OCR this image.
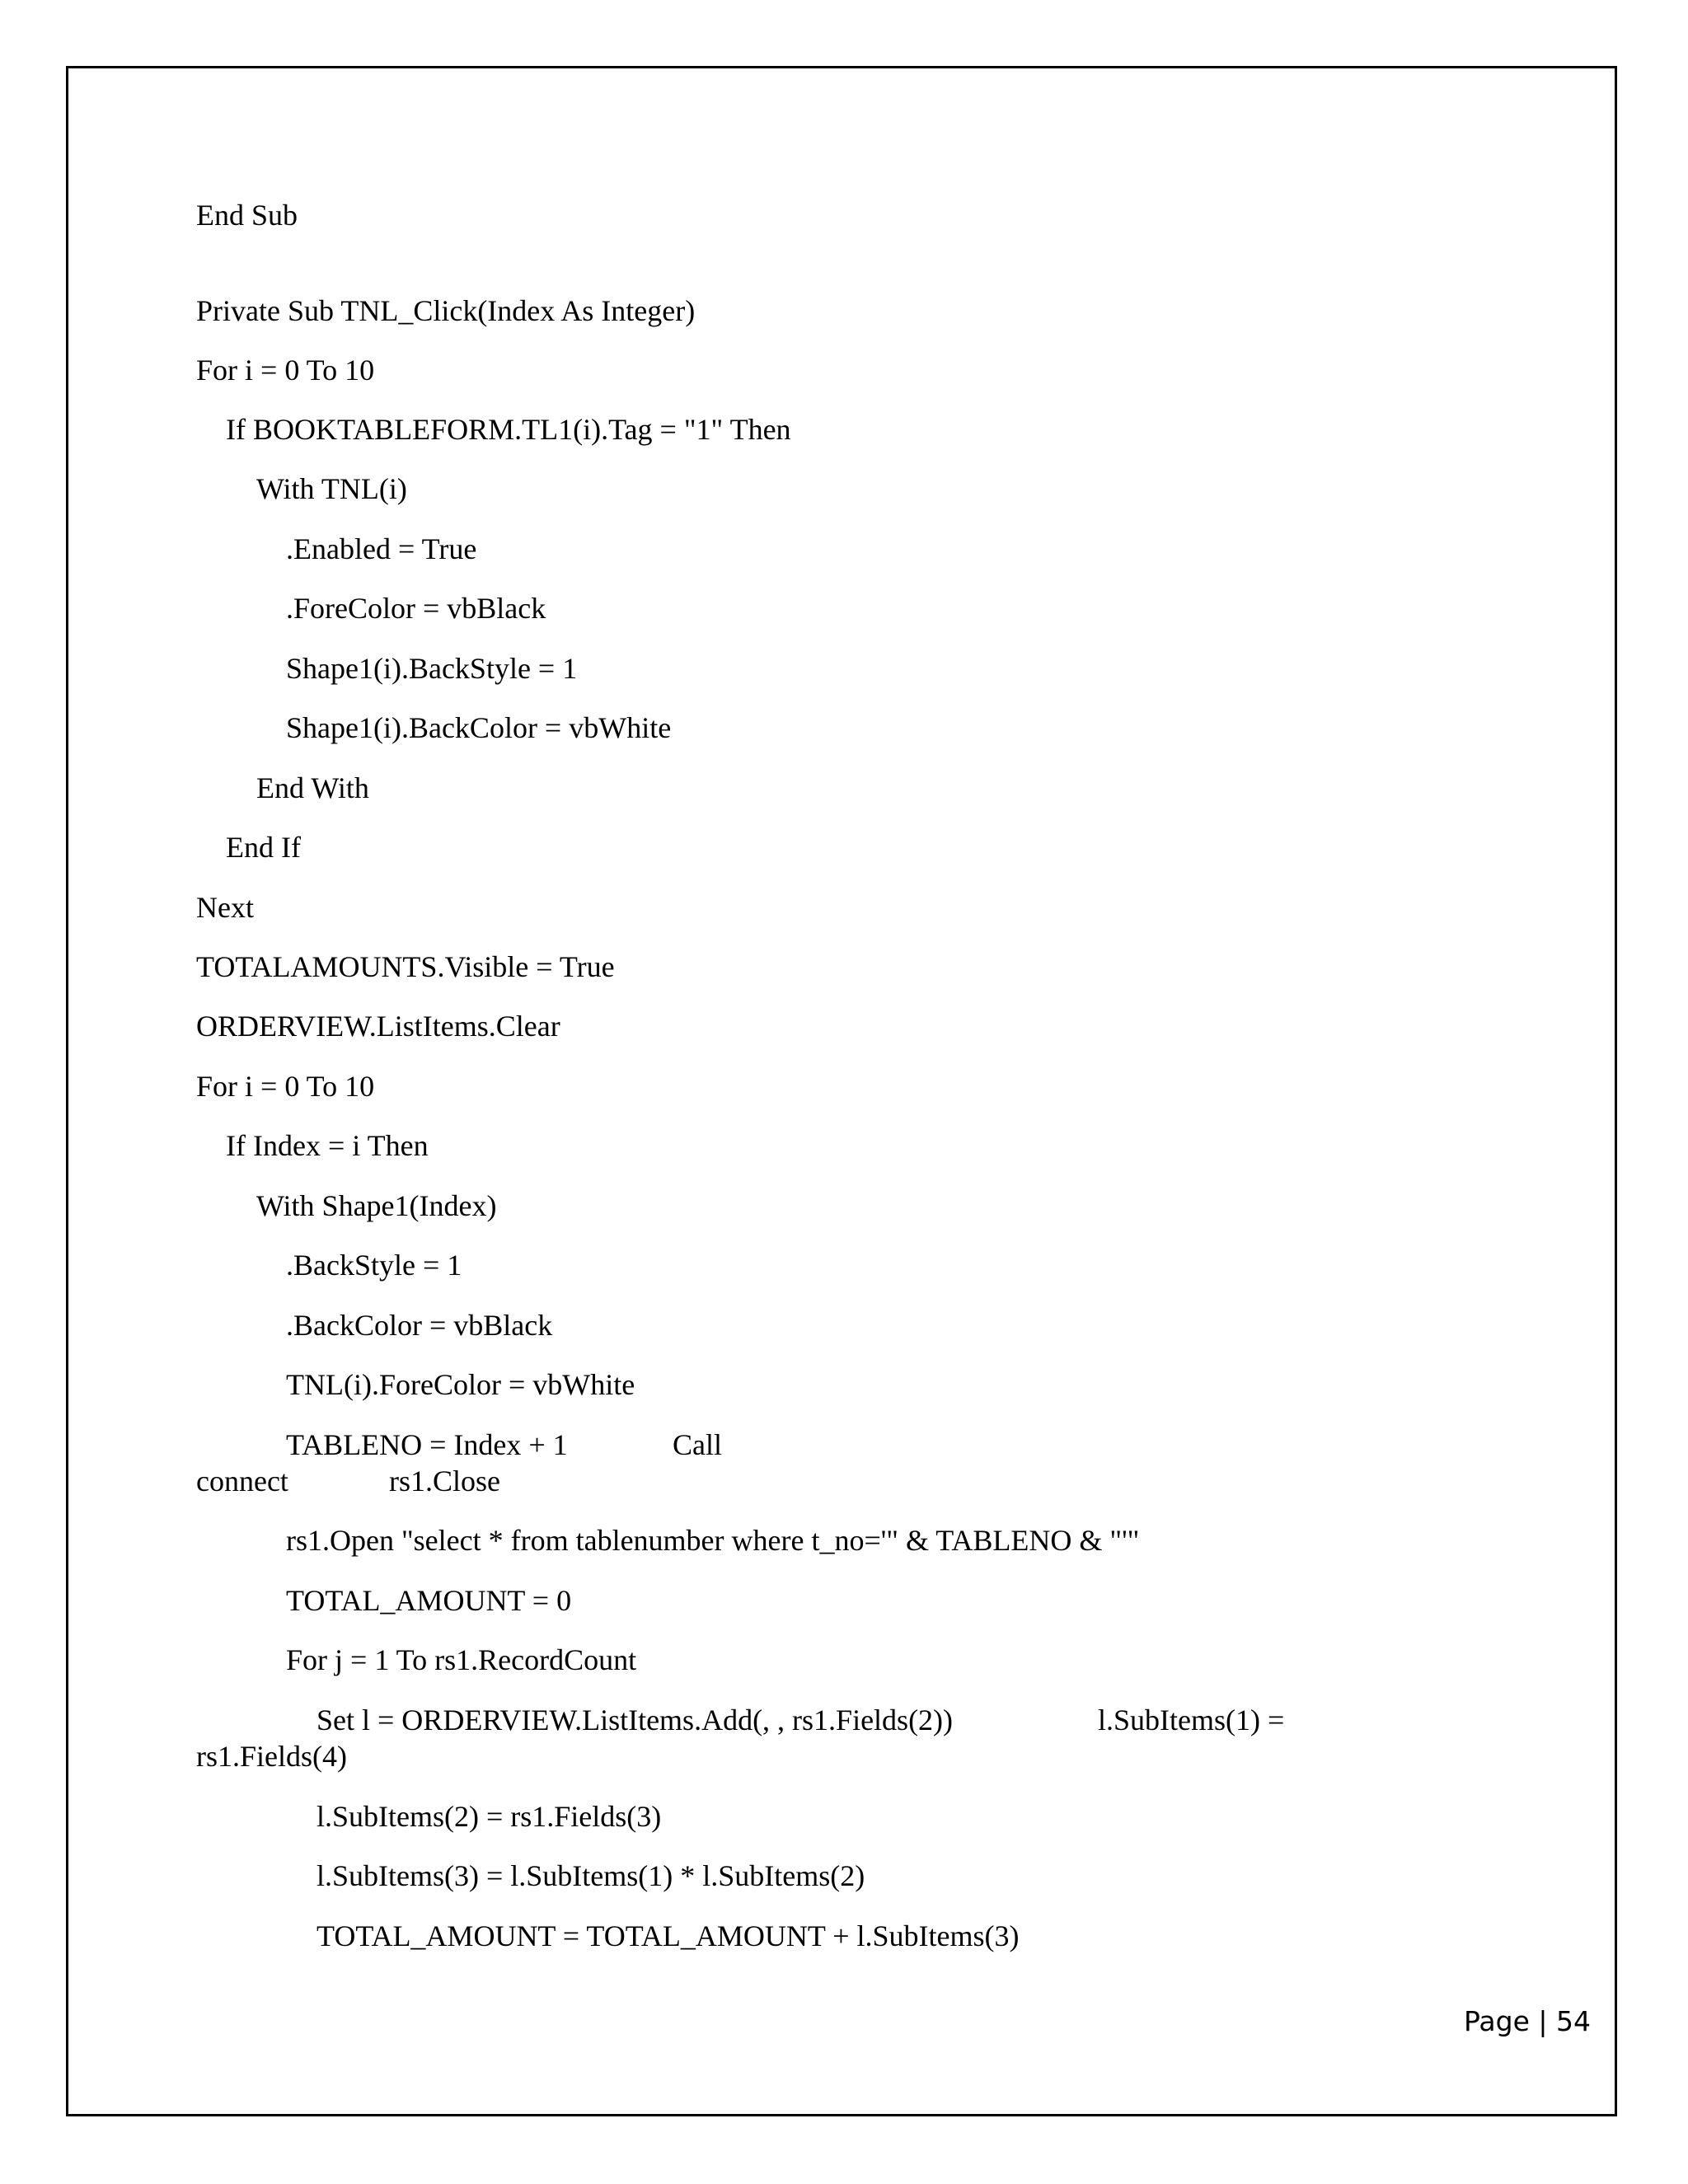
End Sub

Private Sub TNL_Click(Index As Integer)

For i = 0 To 10

If BOOKTABLEFORM.TL1(i).Tag = "1" Then

With TNL(i)

.Enabled = True

.ForeColor = vbBlack

Shape1(i).BackStyle = 1

Shape1(i).BackColor = vbWhite

End With

End If

Next

TOTALAMOUNTS.Visible = True

ORDERVIEW.ListItems.Clear

For i = 0 To 10

If Index = i Then

With Shape1(Index)

.BackStyle = 1

.BackColor = vbBlack

TNL(i).ForeColor = vbWhite

TABLENO = Index + 1	Call

connect	rs1.Close

rs1.Open "select * from tablenumber where t_no='" & TABLENO & "'"

TOTAL_AMOUNT = 0

For j = 1 To rs1.RecordCount

Set l = ORDERVIEW.ListItems.Add(, , rs1.Fields(2))	l.SubItems(1) =

rs1.Fields(4)

l.SubItems(2) = rs1.Fields(3)

l.SubItems(3) = l.SubItems(1) * l.SubItems(2)

TOTAL_AMOUNT = TOTAL_AMOUNT + l.SubItems(3)

Page | 54
